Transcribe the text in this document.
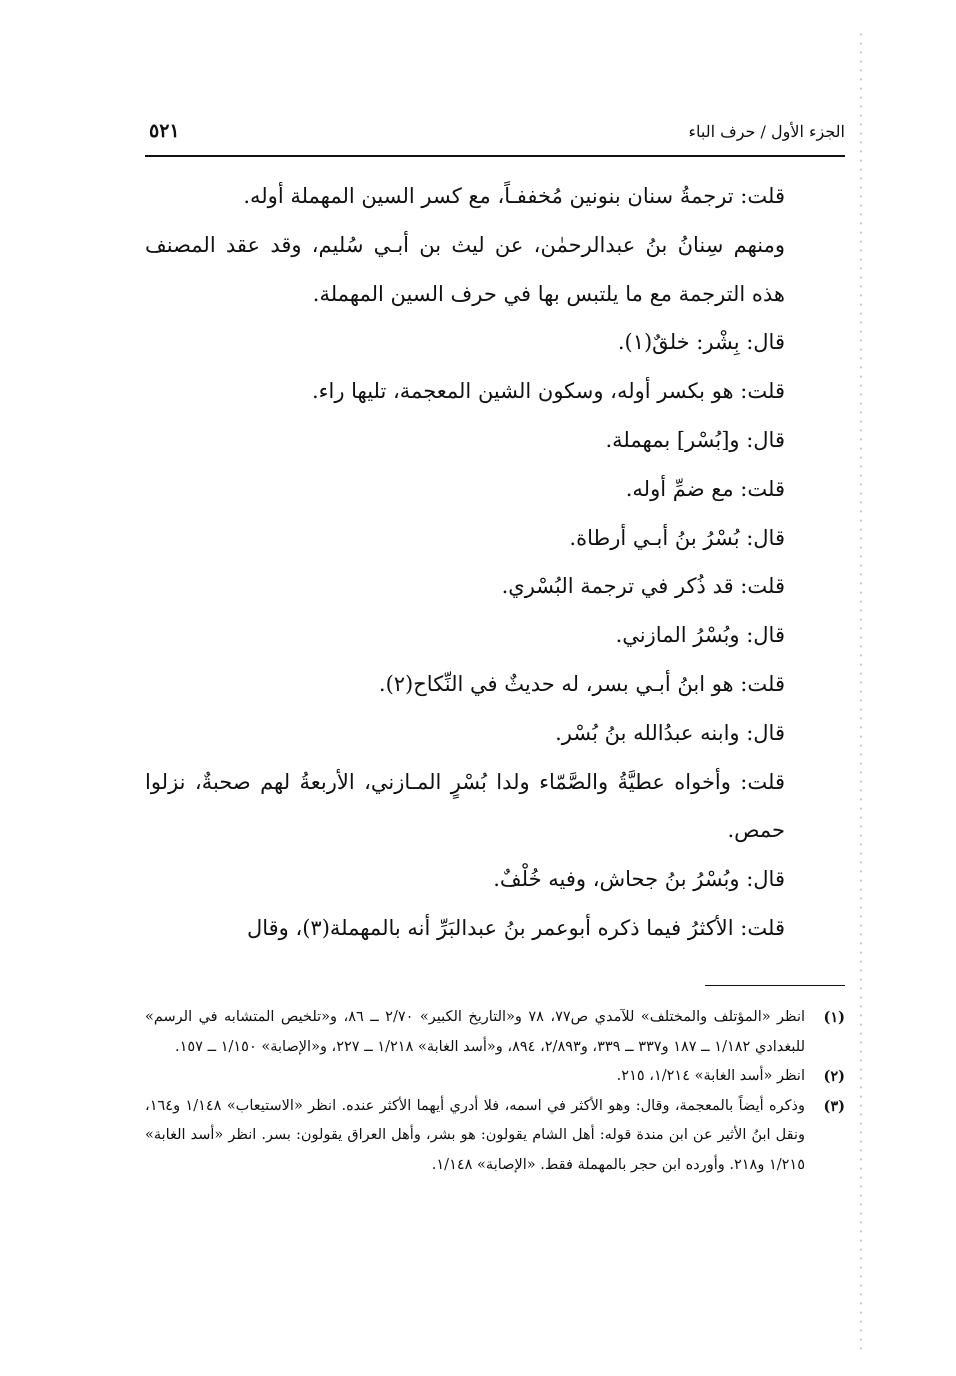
الجزء الأول / حرف الباء
٥٢١

قلت: ترجمةُ سنان بنونين مُخففـاً، مع كسر السين المهملة أوله.

ومنهم سِنانُ بنُ عبدالرحمٰن، عن ليث بن أبـي سُليم، وقد عقد المصنف هذه الترجمة مع ما يلتبس بها في حرف السين المهملة.

قال: بِشْر: خلقٌ(١).

قلت: هو بكسر أوله، وسكون الشين المعجمة، تليها راء.

قال: و[بُسْر] بمهملة.

قلت: مع ضمِّ أوله.

قال: بُسْرُ بنُ أبـي أرطاة.

قلت: قد ذُكر في ترجمة البُسْري.

قال: وبُسْرُ المازني.

قلت: هو ابنُ أبـي بسر، له حديثٌ في النِّكاح(٢).

قال: وابنه عبدُالله بنُ بُسْر.

قلت: وأخواه عطيَّةُ والصَّمّاء ولدا بُسْرٍ المـازني، الأربعةُ لهم صحبةٌ، نزلوا حمص.

قال: وبُسْرُ بنُ جحاش، وفيه خُلْفٌ.

قلت: الأكثرُ فيما ذكره أبوعمر بنُ عبدالبَرِّ أنه بالمهملة(٣)، وقال

(١)
انظر «المؤتلف والمختلف» للآمدي ص٧٧، ٧٨ و«التاريخ الكبير» ٢/٧٠ ــ ٨٦، و«تلخيص المتشابه في الرسم» للبغدادي ١/١٨٢ ــ ١٨٧ و٣٣٧ ــ ٣٣٩، و٢/٨٩٣، ٨٩٤، و«أسد الغابة» ١/٢١٨ ــ ٢٢٧، و«الإصابة» ١/١٥٠ ــ ١٥٧.
(٢)
انظر «أسد الغابة» ١/٢١٤، ٢١٥.
(٣)
وذكره أيضاً بالمعجمة، وقال: وهو الأكثر في اسمه، فلا أدري أيهما الأكثر عنده. انظر «الاستيعاب» ١/١٤٨ و١٦٤، ونقل ابنُ الأثير عن ابن مندة قوله: أهل الشام يقولون: هو بشر، وأهل العراق يقولون: بسر. انظر «أسد الغابة» ١/٢١٥ و٢١٨. وأورده ابن حجر بالمهملة فقط. «الإصابة» ١/١٤٨.
